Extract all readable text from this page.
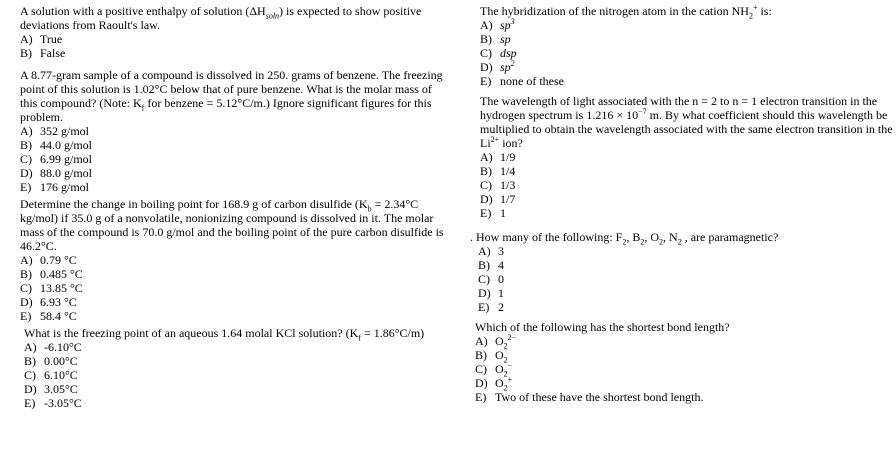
A solution with a positive enthalpy of solution $(\Delta H_{soln})$ is expected to show positive

deviations from Raoult's law.

A) True
B) False

A 8.77-gram sample of a compound is dissolved in 250. grams of benzene. The freezing

point of this solution is 1.02°C below that of pure benzene. What is the molar mass of

this compound? (Note: $K_f$ for benzene = 5.12°C/m.) Ignore significant figures for this

problem.

A) 352 g/mol
B) 44.0 g/mol
C) 6.99 g/mol
D) 88.0 g/mol
E) 176 g/mol

Determine the change in boiling point for 168.9 g of carbon disulfide ($K_b = 2.34^\circ C$

kg/mol) if 35.0 g of a nonvolatile, nonionizing compound is dissolved in it. The molar

mass of the compound is 70.0 g/mol and the boiling point of the pure carbon disulfide is

46.2°C.

A) 0.79 °C
B) 0.485 °C
C) 13.85 °C
D) 6.93 °C
E) 58.4 °C

What is the freezing point of an aqueous 1.64 molal KCl solution? $(K_f = 1.86^\circ C/m)$

A) -6.10°C
B) 0.00°C
C) 6.10°C
D) 3.05°C
E) -3.05°C

The hybridization of the nitrogen atom in the cation $NH_2^+$ is:

A) $sp^3$
B) sp
C) dsp
D) $sp^2$
E) none of these

The wavelength of light associated with the n = 2 to n = 1 electron transition in the

hydrogen spectrum is $1.216 \times 10^{-7}$ m. By what coefficient should this wavelength be

multiplied to obtain the wavelength associated with the same electron transition in the

$Li^{2+}$ ion?

A) 1/9
B) 1/4
C) 1/3
D) 1/7
E) 1

. How many of the following: $F_2$, $B_2$, $O_2$, $N_2$ , are paramagnetic?

A) 3
B) 4
C) 0
D) 1
E) 2

Which of the following has the shortest bond length?

A) $O_2^{2-}$
B) $O_2$
C) $O_2^-$
D) $O_2^+$
E) Two of these have the shortest bond length.
